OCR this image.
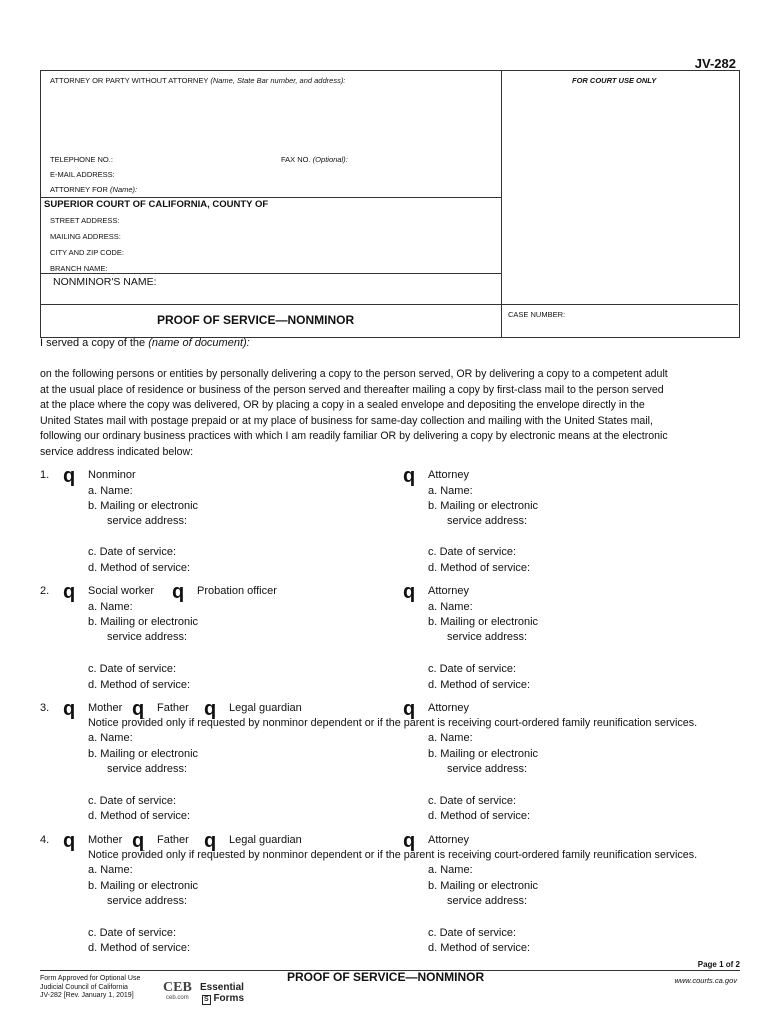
JV-282
ATTORNEY OR PARTY WITHOUT ATTORNEY (Name, State Bar number, and address):	FOR COURT USE ONLY
TELEPHONE NO.:	FAX NO. (Optional):
E-MAIL ADDRESS:
ATTORNEY FOR (Name):
SUPERIOR COURT OF CALIFORNIA, COUNTY OF
STREET ADDRESS:
MAILING ADDRESS:
CITY AND ZIP CODE:
BRANCH NAME:
NONMINOR'S NAME:
CASE NUMBER:
PROOF OF SERVICE—NONMINOR
I served a copy of the (name of document):
on the following persons or entities by personally delivering a copy to the person served, OR by delivering a copy to a competent adult
at the usual place of residence or business of the person served and thereafter mailing a copy by first-class mail to the person served
at the place where the copy was delivered, OR by placing a copy in a sealed envelope and depositing the envelope directly in the
United States mail with postage prepaid or at my place of business for same-day collection and mailing with the United States mail,
following our ordinary business practices with which I am readily familiar OR by delivering a copy by electronic means at the electronic
service address indicated below:
1. q Nonminor	q Attorney
a. Name:
b. Mailing or electronic
service address:
c. Date of service:
d. Method of service:
a. Name:
b. Mailing or electronic
service address:
c. Date of service:
d. Method of service:
2. q Social worker q Probation officer	q Attorney
a. Name:
b. Mailing or electronic
service address:
c. Date of service:
d. Method of service:
a. Name:
b. Mailing or electronic
service address:
c. Date of service:
d. Method of service:
3. q Mother q Father q Legal guardian	q Attorney
Notice provided only if requested by nonminor dependent or if the parent is receiving court-ordered family reunification services.
a. Name:
b. Mailing or electronic
service address:
c. Date of service:
d. Method of service:
a. Name:
b. Mailing or electronic
service address:
c. Date of service:
d. Method of service:
4. q Mother q Father q Legal guardian	q Attorney
Notice provided only if requested by nonminor dependent or if the parent is receiving court-ordered family reunification services.
a. Name:
b. Mailing or electronic
service address:
c. Date of service:
d. Method of service:
a. Name:
b. Mailing or electronic
service address:
c. Date of service:
d. Method of service:
Page 1 of 2
Form Approved for Optional Use
Judicial Council of California
JV-282 [Rev. January 1, 2019]
CEB
ceb.com
Essential
S Forms
PROOF OF SERVICE—NONMINOR	www.courts.ca.gov
